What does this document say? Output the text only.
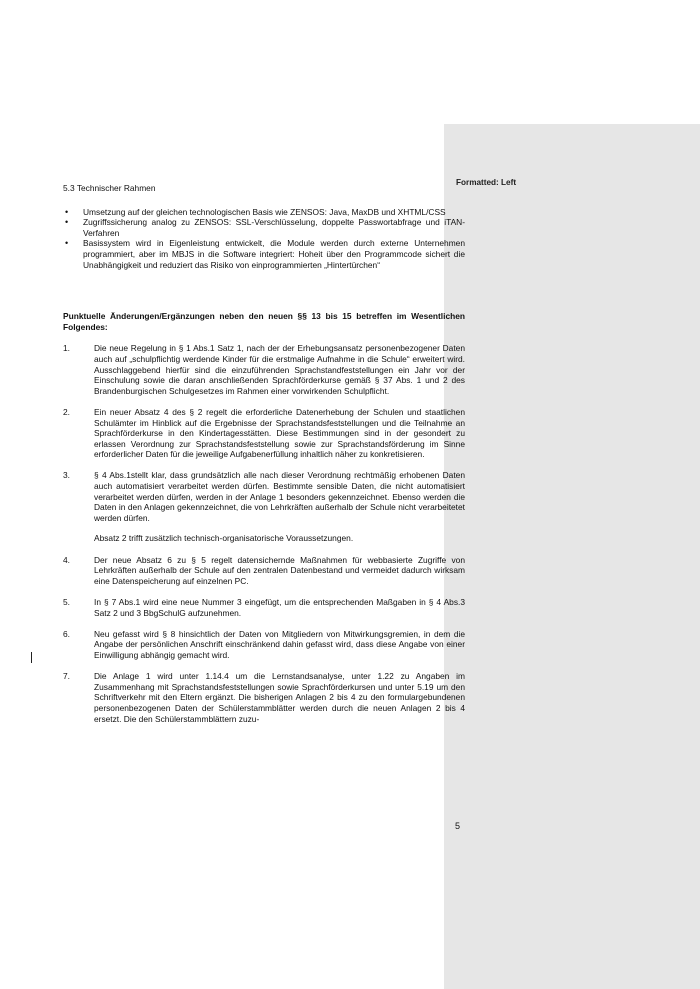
Formatted: Left
5.3 Technischer Rahmen
• Umsetzung auf der gleichen technologischen Basis wie ZENSOS: Java, MaxDB und XHTML/CSS
• Zugriffssicherung analog zu ZENSOS: SSL-Verschlüsselung, doppelte Passwortabfrage und iTAN-Verfahren
• Basissystem wird in Eigenleistung entwickelt, die Module werden durch externe Unternehmen programmiert, aber im MBJS in die Software integriert: Hoheit über den Programmcode sichert die Unabhängigkeit und reduziert das Risiko von einprogrammierten „Hintertürchen“
Punktuelle Änderungen/Ergänzungen neben den neuen §§ 13 bis 15 betreffen im Wesentlichen Folgendes:
1.	Die neue Regelung in § 1 Abs.1 Satz 1, nach der der Erhebungsansatz personenbezogener Daten auch auf „schulpflichtig werdende Kinder für die erstmalige Aufnahme in die Schule“ erweitert wird. Ausschlaggebend hierfür sind die einzuführenden Sprachstandfeststellungen ein Jahr vor der Einschulung sowie die daran anschließenden Sprachförderkurse gemäß § 37 Abs. 1 und 2 des Brandenburgischen Schulgesetzes im Rahmen einer vorwirkenden Schulpflicht.
2.	Ein neuer Absatz 4 des § 2 regelt die erforderliche Datenerhebung der Schulen und staatlichen Schulämter im Hinblick auf die Ergebnisse der Sprachstandsfeststellungen und die Teilnahme an Sprachförderkurse in den Kindertagesstätten. Diese Bestimmungen sind in der gesondert zu erlassen Verordnung zur Sprachstandsfeststellung sowie zur Sprachstandsförderung im Sinne erforderlicher Daten für die jeweilige Aufgabenerfüllung inhaltlich näher zu konkretisieren.
3.	§ 4 Abs.1stellt klar, dass grundsätzlich alle nach dieser Verordnung rechtmäßig erhobenen Daten auch automatisiert verarbeitet werden dürfen. Bestimmte sensible Daten, die nicht automatisiert verarbeitet werden dürfen, werden in der Anlage 1 besonders gekennzeichnet. Ebenso werden die Daten in den Anlagen gekennzeichnet, die von Lehrkräften außerhalb der Schule nicht verarbeitetet werden dürfen.
Absatz 2 trifft zusätzlich technisch-organisatorische Voraussetzungen.
4.	Der neue Absatz 6 zu § 5 regelt datensichernde Maßnahmen für webbasierte Zugriffe von Lehrkräften außerhalb der Schule auf den zentralen Datenbestand und vermeidet dadurch wirksam eine Datenspeicherung auf einzelnen PC.
5.	In § 7 Abs.1 wird eine neue Nummer 3 eingefügt, um die entsprechenden Maßgaben in § 4 Abs.3 Satz 2 und 3 BbgSchulG aufzunehmen.
6.	Neu gefasst wird § 8 hinsichtlich der Daten von Mitgliedern von Mitwirkungsgremien, in dem die Angabe der persönlichen Anschrift einschränkend dahin gefasst wird, dass diese Angabe von einer Einwilligung abhängig gemacht wird.
7.	Die Anlage 1 wird unter 1.14.4 um die Lernstandsanalyse, unter 1.22 zu Angaben im Zusammenhang mit Sprachstandsfeststellungen sowie Sprachförderkursen und unter 5.19 um den Schriftverkehr mit den Eltern ergänzt. Die bisherigen Anlagen 2 bis 4 zu den formulargebundenen personenbezogenen Daten der Schülerstammblätter werden durch die neuen Anlagen 2 bis 4 ersetzt. Die den Schülerstammblättern zuzu-
5
